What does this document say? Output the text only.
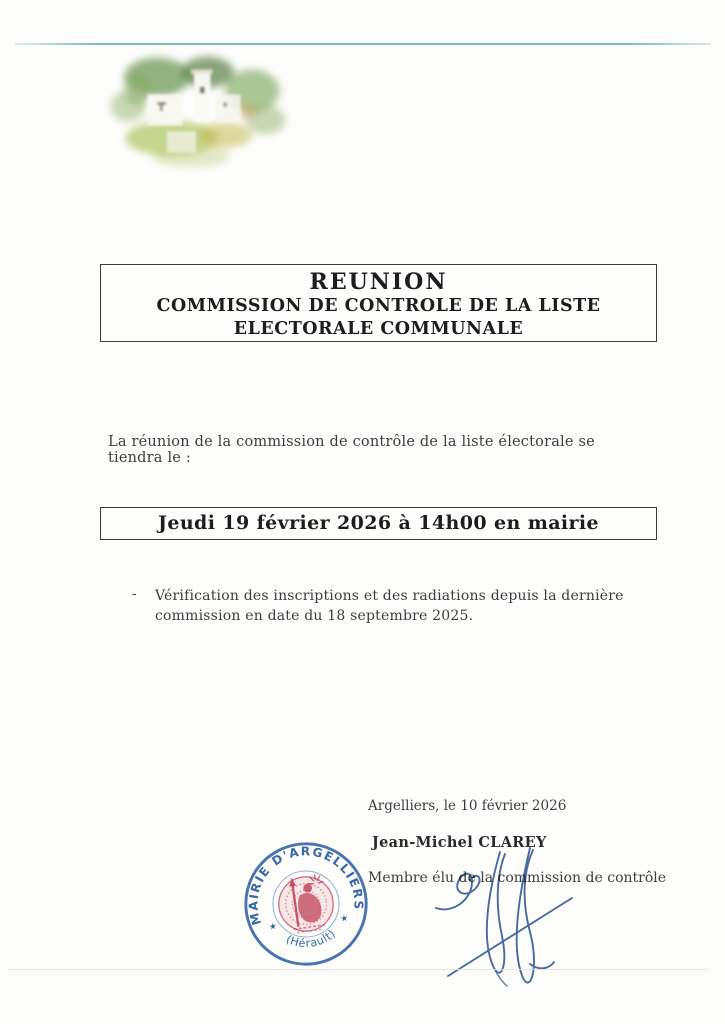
REUNION
COMMISSION DE CONTROLE DE LA LISTE
ELECTORALE COMMUNALE
La réunion de la commission de contrôle de la liste électorale se tiendra le :
Jeudi 19 février 2026 à 14h00 en mairie
- Vérification des inscriptions et des radiations depuis la dernière commission en date du 18 septembre 2025.
Argelliers, le 10 février 2026
Jean-Michel CLAREY
Membre élu de la commission de contrôle
MAIRIE D'ARGELLIERS
(Hérault)
★
★
